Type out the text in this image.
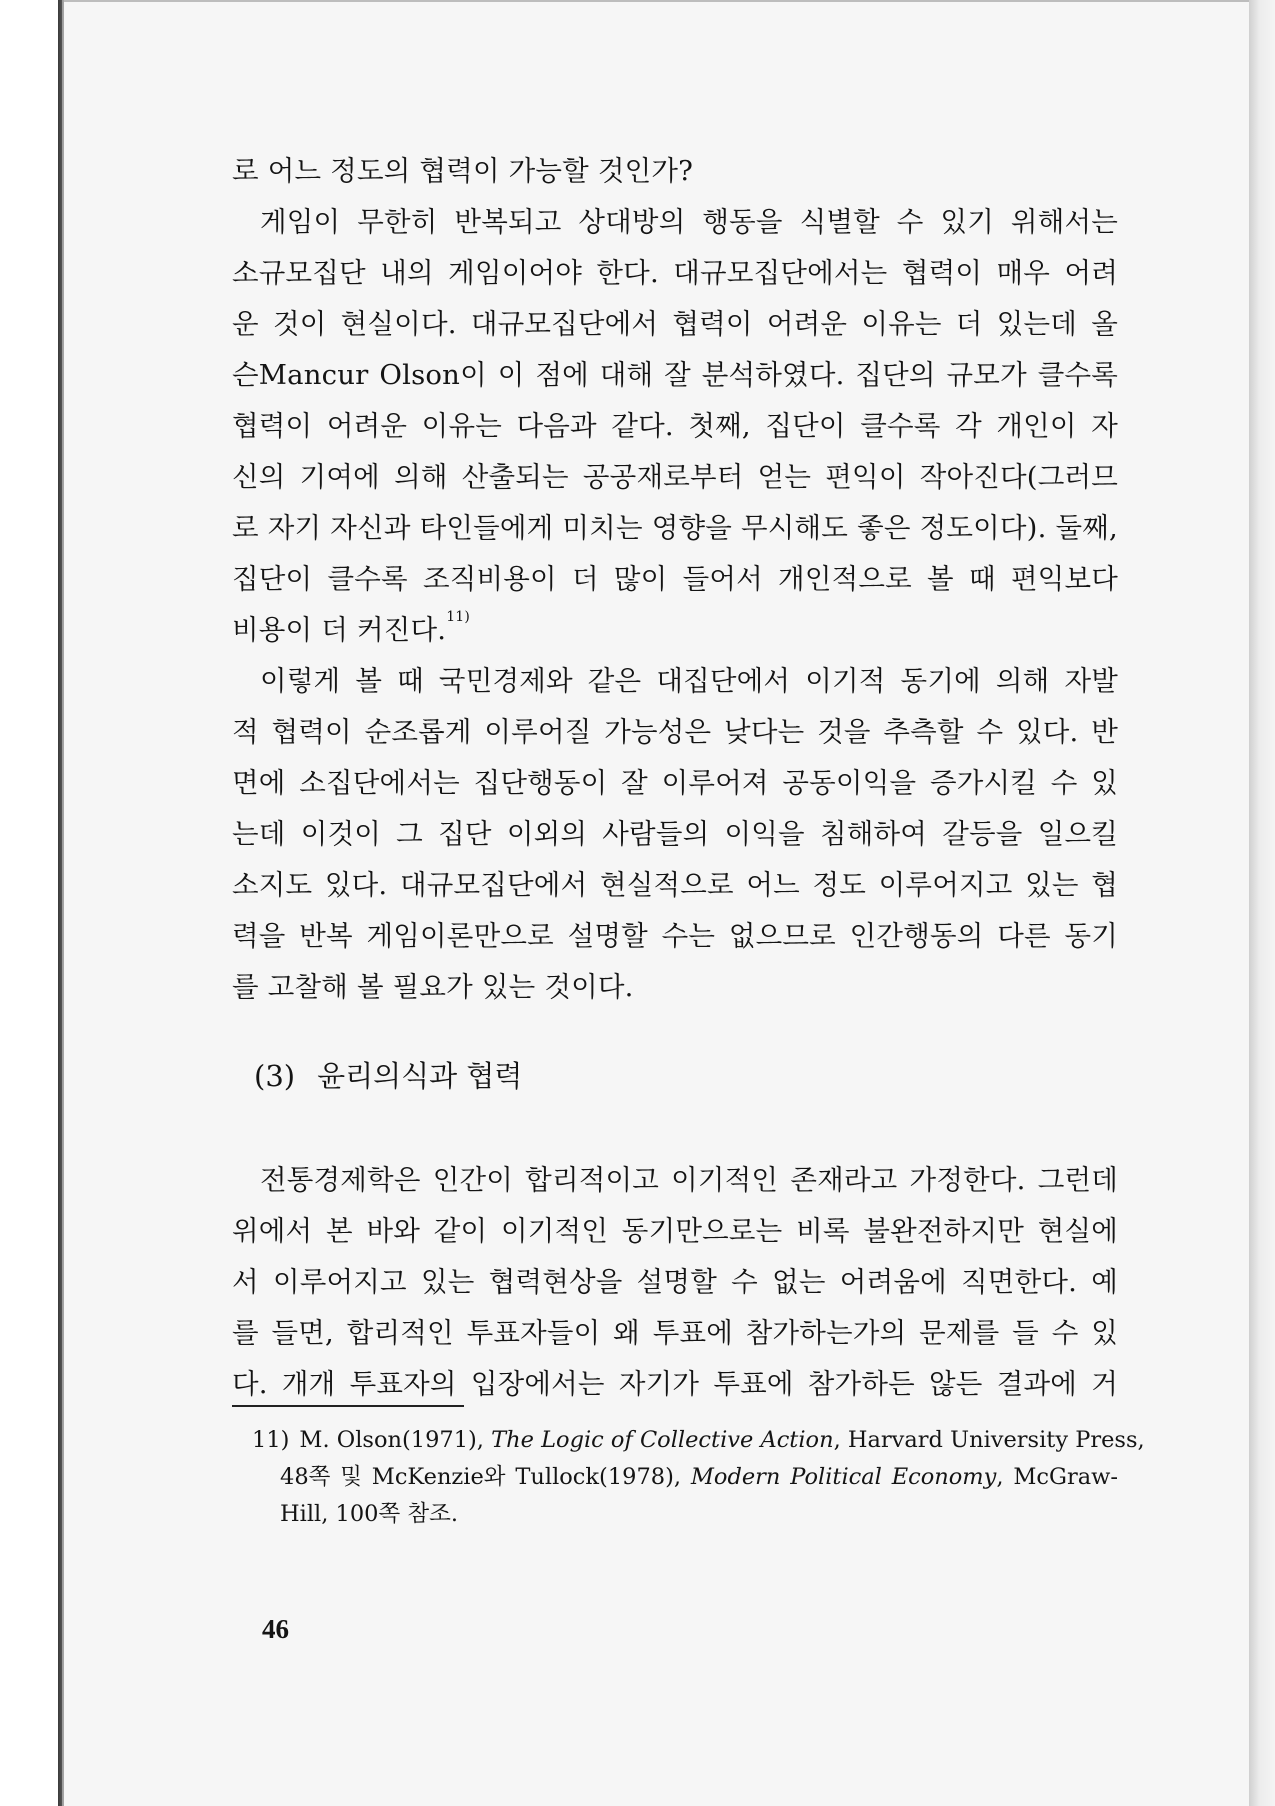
로 어느 정도의 협력이 가능할 것인가?
게임이 무한히 반복되고 상대방의 행동을 식별할 수 있기 위해서는
소규모집단 내의 게임이어야 한다. 대규모집단에서는 협력이 매우 어려
운 것이 현실이다. 대규모집단에서 협력이 어려운 이유는 더 있는데 올
슨Mancur Olson이 이 점에 대해 잘 분석하였다. 집단의 규모가 클수록
협력이 어려운 이유는 다음과 같다. 첫째, 집단이 클수록 각 개인이 자
신의 기여에 의해 산출되는 공공재로부터 얻는 편익이 작아진다(그러므
로 자기 자신과 타인들에게 미치는 영향을 무시해도 좋은 정도이다). 둘째,
집단이 클수록 조직비용이 더 많이 들어서 개인적으로 볼 때 편익보다
비용이 더 커진다.$^{11)}$
이렇게 볼 때 국민경제와 같은 대집단에서 이기적 동기에 의해 자발
적 협력이 순조롭게 이루어질 가능성은 낮다는 것을 추측할 수 있다. 반
면에 소집단에서는 집단행동이 잘 이루어져 공동이익을 증가시킬 수 있
는데 이것이 그 집단 이외의 사람들의 이익을 침해하여 갈등을 일으킬
소지도 있다. 대규모집단에서 현실적으로 어느 정도 이루어지고 있는 협
력을 반복 게임이론만으로 설명할 수는 없으므로 인간행동의 다른 동기
를 고찰해 볼 필요가 있는 것이다.
(3) 윤리의식과 협력
전통경제학은 인간이 합리적이고 이기적인 존재라고 가정한다. 그런데
위에서 본 바와 같이 이기적인 동기만으로는 비록 불완전하지만 현실에
서 이루어지고 있는 협력현상을 설명할 수 없는 어려움에 직면한다. 예
를 들면, 합리적인 투표자들이 왜 투표에 참가하는가의 문제를 들 수 있
다. 개개 투표자의 입장에서는 자기가 투표에 참가하든 않든 결과에 거
11) M. Olson(1971), The Logic of Collective Action, Harvard University Press,
48쪽 및 McKenzie와 Tullock(1978), Modern Political Economy, McGraw-
Hill, 100쪽 참조.
46
